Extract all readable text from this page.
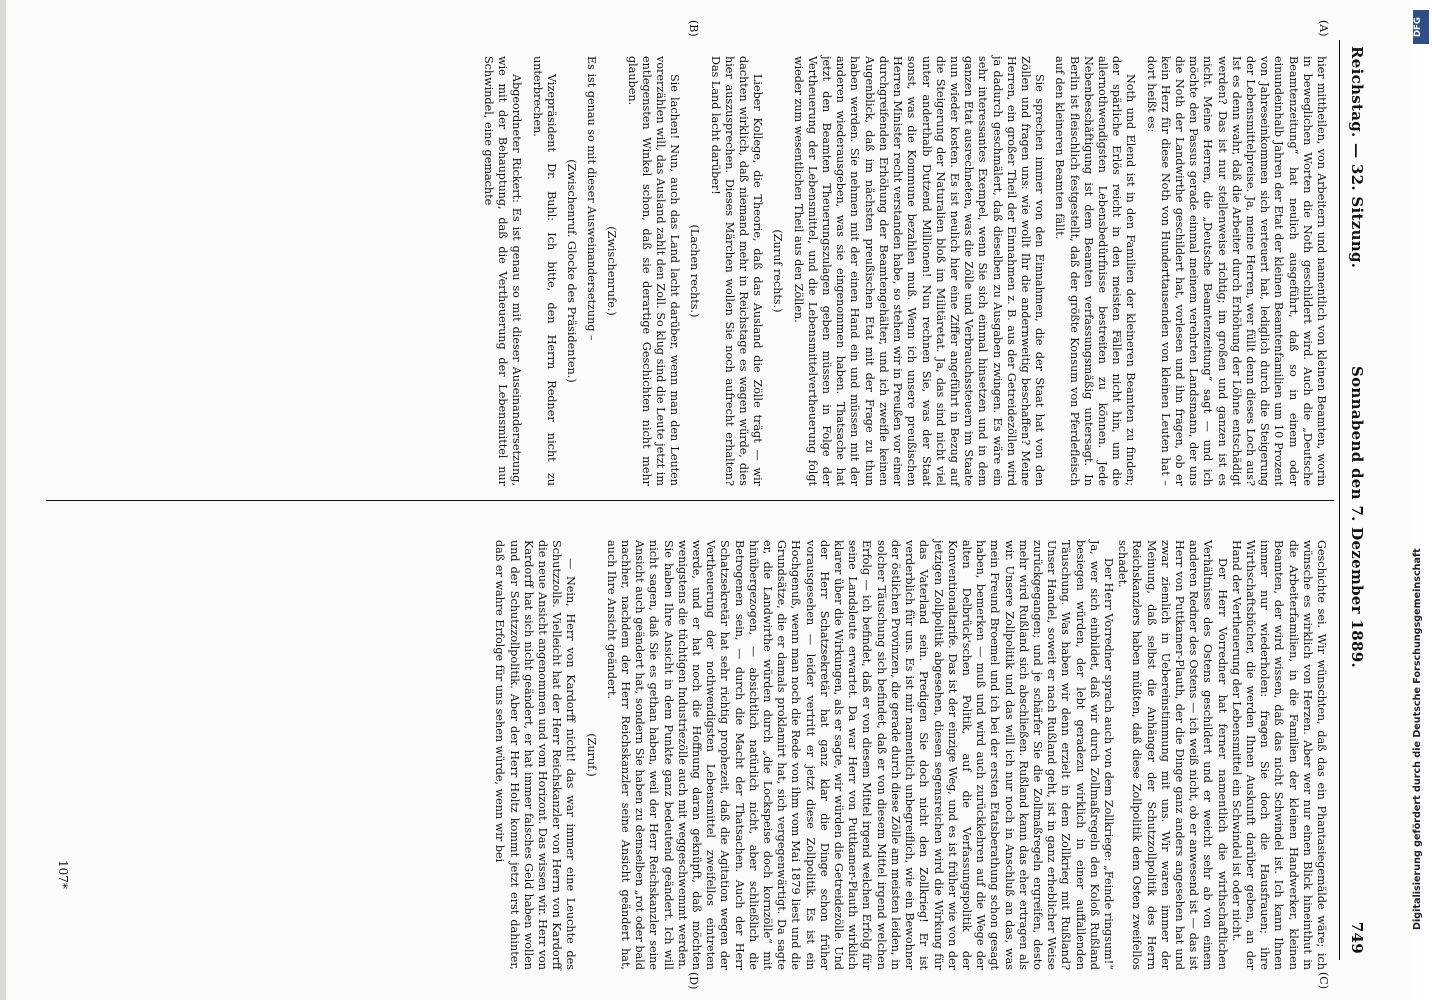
Reichstag. — 32. Sitzung.
Sonnabend den 7. Dezember 1889.
749
(A)
(B)
(C)
(D)

hier mittheilen, von Arbeitern und namentlich von kleinen Beamten, worin in beweglichen Worten die Noth geschildert wird. Auch die „Deutsche Beamtenzeitung“ hat neulich ausgeführt, daß so in einem oder einundeinhalb Jahren der Etat der kleinen Beamtenfamilien um 10 Prozent von Jahreseinkommen sich verteuert hat, lediglich durch die Steigerung der Lebensmittelpreise. Ja, meine Herren, wer füllt denn dieses Loch aus? Ist es denn wahr, daß die Arbeiter durch Erhöhung der Löhne entschädigt werden? Das ist nur stellenweise richtig; im großen und ganzen ist es nicht. Meine Herren, die „Deutsche Beamtenzeitung“ sagt — und ich möchte den Passus gerade einmal meinem verehrten Landsmann, der uns die Noth der Landwirthe geschildert hat, vorlesen und ihn fragen, ob er kein Herz für diese Noth von Hunderttausenden von kleinen Leuten hat – dort heißt es:

Noth und Elend ist in den Familien der kleineren Beamten zu finden; der spärliche Erlös reicht in den meisten Fällen nicht hin, um die allernothwendigsten Lebensbedürfnisse bestreiten zu können. Jede Nebenbeschäftigung ist dem Beamten verfassungsmäßig untersagt. In Berlin ist fleischlich festgestellt, daß der größte Konsum von Pferdefleisch auf den kleineren Beamten fällt.

Sie sprechen immer von den Einnahmen, die der Staat hat von den Zöllen und fragen uns: wie wollt Ihr die andernweitig beschaffen? Meine Herren, ein großer Theil der Einnahmen z. B. aus der Getreidezöllen wird ja dadurch geschmälert, daß dieselben zu Ausgaben zwingen. Es wäre ein sehr interessantes Exempel, wenn Sie sich einmal hinsetzen und in dem ganzen Etat ausrechneten, was die Zölle und Verbrauchssteuern im Staate nun wieder kosten. Es ist neulich hier eine Ziffer angeführt in Bezug auf die Steigerung der Naturalien bloß im Militäretat. Ja, das sind nicht viel unter anderthalb Dutzend Millionen! Nun rechnen Sie, was der Staat sonst, was die Kommune bezahlen muß. Wenn ich unsere preußischen Herren Minister recht verstanden habe, so stehen wir in Preußen vor einer durchgreifenden Erhöhung der Beamtengehälter, und ich zweifle keinen Augenblick, daß im nächsten preußischen Etat mit der Frage zu thun haben werden. Sie nehmen mit der einen Hand ein und müssen mit der anderen wiederausgeben, was sie eingenommen haben. Thatsache hat jetzt den Beamten Theuerungszulagen geben müssen in Folge der Vertheuerung der Lebensmittel, und die Lebensmittelvertheuerung folgt wieder zum wesentlichen Theil aus den Zöllen.

(Zuruf rechts.)

Lieber Kollege, die Theorie, daß das Ausland die Zölle trägt — wir dachten wirklich, daß niemand mehr in Reichstage es wagen würde, dies hier auszusprechen. Dieses Märchen wollen Sie noch aufrecht erhalten? Das Land lacht darüber!

(Lachen rechts.)

Sie lachen! Nun, auch das Land lacht darüber, wenn man den Leuten vorerzählen will, das Ausland zahlt den Zoll. So klug sind die Leute jetzt im entlegensten Winkel schon, daß sie derartige Geschichten nicht mehr glauben.

(Zwischenrufe.)

Es ist genau so mit dieser Ausweinandersetzung –

(Zwischenruf. Glocke des Präsidenten.)

Vizepräsident Dr. Buhl: Ich bitte, den Herrn Redner nicht zu unterbrechen.

Abgeordneter Rickert: Es ist genau so mit dieser Auseinandersetzung, wie mit der Behauptung, daß die Vertheuerung der Lebensmittel nur Schwindel, eine gemachte

Geschichte sei. Wir wünschten, daß das ein Phantasiegemälde wäre; ich wünsche es wirklich von Herzen. Aber wer nur einen Blick hineinthut in die Arbeiterfamilien, in die Familien der kleinen Handwerker, kleinen Beamten, der wird wissen, daß das nicht Schwindel ist. Ich kann Ihnen immer nur wiederholen: fragen Sie doch die Hausfrauen; ihre Wirthschaftsbücher, die werden Ihnen Auskunft darüber geben, an der Hand der Vertheuerung der Lebensmittel ein Schwindel ist oder nicht.

Der Herr Vorredner hat ferner namentlich die wirthschaftlichen Verhältnisse des Ostens geschildert und er weicht sehr ab von einem anderen Redner des Ostens — ich weiß nicht, ob er anwesend ist — das ist Herr von Puttkamer-Plauth, der die Dinge ganz anders angesehen hat und zwar ziemlich in Uebereinstimmung mit uns. Wir waren immer der Meinung, daß selbst die Anhänger der Schutzzollpolitik des Herrn Reichskanzlers haben müßten, daß diese Zollpolitik dem Osten zweifellos schadet.

Der Herr Vorredner sprach auch von dem Zollkriege: „Feinde ringsum!“ Ja, wer sich einbildet, daß wir durch Zollmaßregeln den Koloß Rußland besiegen würden, der lebt geradezu wirklich in einer auffallenden Täuschung. Was haben wir denn erzielt in dem Zollkrieg mit Rußland? Unser Handel, soweit er nach Rußland geht, ist in ganz erheblicher Weise zurückgegangen; und je schärfer Sie die Zollmaßregeln ergreifen, desto mehr wird Rußland sich abschließen. Rußland kann das eher ertragen als wir. Unsere Zollpolitik und das will ich nur noch in Anschluß an das, was mein Freund Broemel und ich bei der ersten Etatsberathung schon gesagt haben, bemerken — muß und wird auch zurückkehren auf die Wege der alten Delbrück'schen Politik, auf die Verfassungspolitik der Konventionaltarife. Das ist der einzige Weg, und es ist früher wie von der jetzigen Zollpolitik abgesehen, diesen segensreichen wird die Wirkung für das Vaterland sein. Predigen Sie doch nicht den Zollkrieg! Er ist verderblich für uns. Es ist mir namentlich unbegreiflich, wie ein Bewohner der östlichen Provinzen, die gerade durch diese Zölle am meisten leiden, in solcher Täuschung sich befindet, daß er von diesem Mittel irgend welchen Erfolg — ich befindet, daß er von diesem Mittel irgend welchen Erfolg für seine Landsleute erwartet. Da war Herr von Puttkamer-Plauth wirklich klarer über die Wirkungen, als er sagte, wir würden die Getreidezölle. Und der Herr Schatzsekretär hat ganz klar die Dinge schon früher vorausgesehen — leider vertritt er jetzt diese Zollpolitik. Es ist ein Hochgenuß, wenn man noch die Rede von ihm vom Mai 1879 liest und die Grundsätze, die er damals proklamirt hat, sich vergegenwärtigt. Da sagte er, die Landwirthe würden durch „die Lockspeise doch kornzölle“ mit hinübergezogen, — absichtlich natürlich nicht, aber schließlich die Betrogenen sein, — durch die Macht der Thatsachen. Auch der Herr Schatzsekretär hat sehr richtig prophezeit, daß die Agitation wegen der Vertheuerung der nothwendigsten Lebensmittel zweifellos eintreten werde, und er hat noch die Hoffnung daran geknüpft, daß möchten wenigstens die tüchtigen Industriezölle auch mit weggeschwemmt werden. Sie haben Ihre Ansicht in dem Punkte ganz bedeutend geändert. Ich will nicht sagen, daß Sie es gethan haben, weil der Herr Reichskanzler seine Ansicht auch geändert hat, sondern Sie haben zu demselben „rot oder bald nachher, nachdem der Herr Reichskanzler seine Ansicht geändert hat, auch Ihre Ansicht geändert.

(Zuruf.)

— Nein, Herr von Kardorff nicht! das war immer eine Leuchte des Schutzzolls. Vielleicht hat der Herr Reichskanzler von Herrn von Kardorff die neue Ansicht angenommen und vom Horizont. Das wissen wir. Herr von Kardorff hat sich nicht geändert, er hat immer falsches Geld haben wollen und der Schutzzollpolitik. Aber der Herr Holtz kommt jetzt erst dahinter, daß er wahre Erfolge für uns sehen würde, wenn wir bei

107*
DFG
Digitalisierung gefördert durch die Deutsche Forschungsgemeinschaft
